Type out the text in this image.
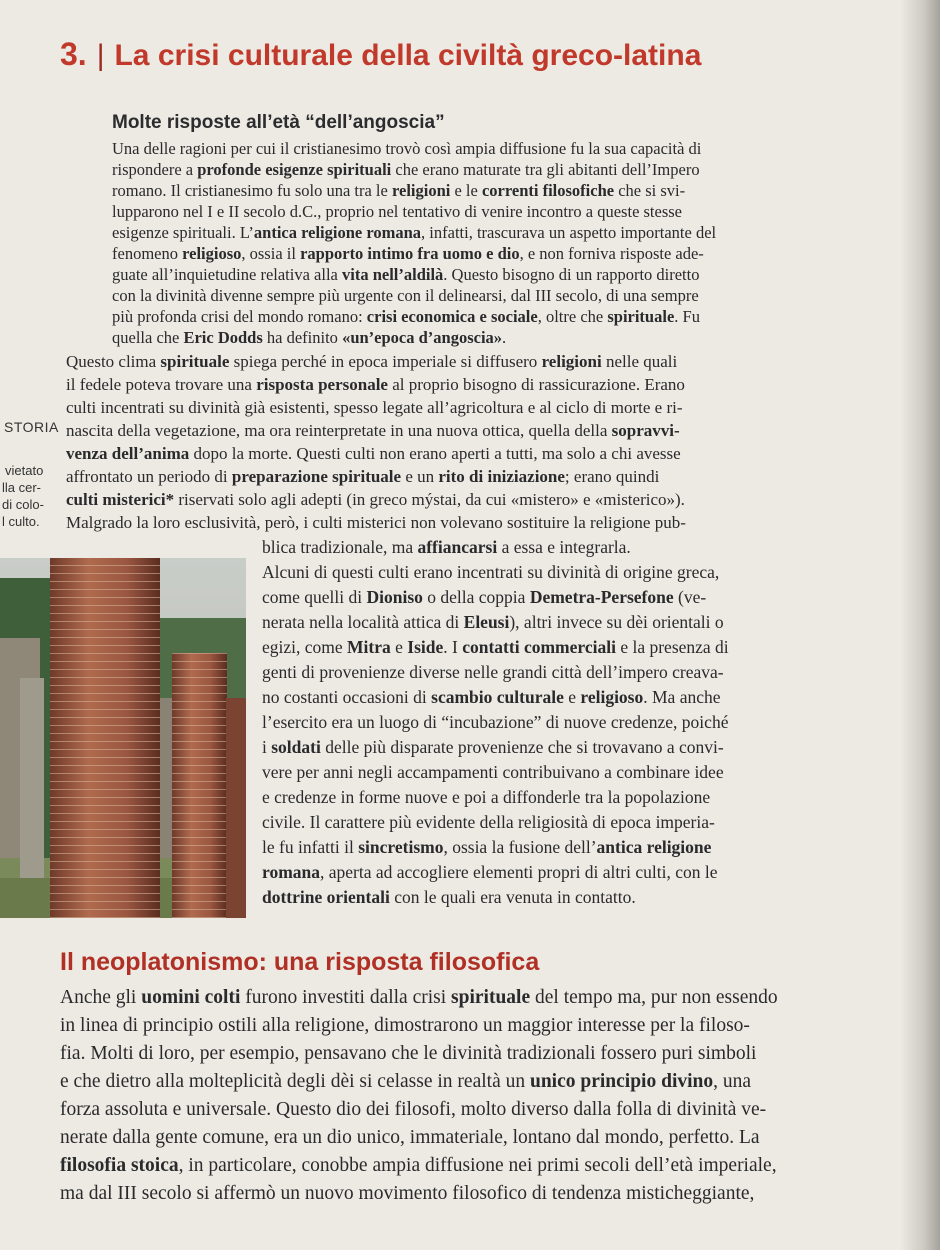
3. | La crisi culturale della civiltà greco-latina
Molte risposte all’età “dell’angoscia”
Una delle ragioni per cui il cristianesimo trovò così ampia diffusione fu la sua capacità di
rispondere a profonde esigenze spirituali che erano maturate tra gli abitanti dell’Impero
romano. Il cristianesimo fu solo una tra le religioni e le correnti filosofiche che si svi-
lupparono nel I e II secolo d.C., proprio nel tentativo di venire incontro a queste stesse
esigenze spirituali. L’antica religione romana, infatti, trascurava un aspetto importante del
fenomeno religioso, ossia il rapporto intimo fra uomo e dio, e non forniva risposte ade-
guate all’inquietudine relativa alla vita nell’aldilà. Questo bisogno di un rapporto diretto
con la divinità divenne sempre più urgente con il delinearsi, dal III secolo, di una sempre
più profonda crisi del mondo romano: crisi economica e sociale, oltre che spirituale. Fu
quella che Eric Dodds ha definito «un’epoca d’angoscia».
Questo clima spirituale spiega perché in epoca imperiale si diffusero religioni nelle quali
il fedele poteva trovare una risposta personale al proprio bisogno di rassicurazione. Erano
culti incentrati su divinità già esistenti, spesso legate all’agricoltura e al ciclo di morte e ri-
nascita della vegetazione, ma ora reinterpretate in una nuova ottica, quella della sopravvi-
venza dell’anima dopo la morte. Questi culti non erano aperti a tutti, ma solo a chi avesse
affrontato un periodo di preparazione spirituale e un rito di iniziazione; erano quindi
culti misterici* riservati solo agli adepti (in greco mýstai, da cui «mistero» e «misterico»).
Malgrado la loro esclusività, però, i culti misterici non volevano sostituire la religione pub-
blica tradizionale, ma affiancarsi a essa e integrarla.
Alcuni di questi culti erano incentrati su divinità di origine greca,
come quelli di Dioniso o della coppia Demetra-Persefone (ve-
nerata nella località attica di Eleusi), altri invece su dèi orientali o
egizi, come Mitra e Iside. I contatti commerciali e la presenza di
genti di provenienze diverse nelle grandi città dell’impero creava-
no costanti occasioni di scambio culturale e religioso. Ma anche
l’esercito era un luogo di “incubazione” di nuove credenze, poiché
i soldati delle più disparate provenienze che si trovavano a convi-
vere per anni negli accampamenti contribuivano a combinare idee
e credenze in forme nuove e poi a diffonderle tra la popolazione
civile. Il carattere più evidente della religiosità di epoca imperia-
le fu infatti il sincretismo, ossia la fusione dell’antica religione
romana, aperta ad accogliere elementi propri di altri culti, con le
dottrine orientali con le quali era venuta in contatto.
Anche gli uomini colti furono investiti dalla crisi spirituale del tempo ma, pur non essendo
in linea di principio ostili alla religione, dimostrarono un maggior interesse per la filoso-
fia. Molti di loro, per esempio, pensavano che le divinità tradizionali fossero puri simboli
e che dietro alla molteplicità degli dèi si celasse in realtà un unico principio divino, una
forza assoluta e universale. Questo dio dei filosofi, molto diverso dalla folla di divinità ve-
nerate dalla gente comune, era un dio unico, immateriale, lontano dal mondo, perfetto. La
filosofia stoica, in particolare, conobbe ampia diffusione nei primi secoli dell’età imperiale,
ma dal III secolo si affermò un nuovo movimento filosofico di tendenza misticheggiante,
STORIA
vietato
lla cer-
di colo-
l culto.
Il neoplatonismo: una risposta filosofica
